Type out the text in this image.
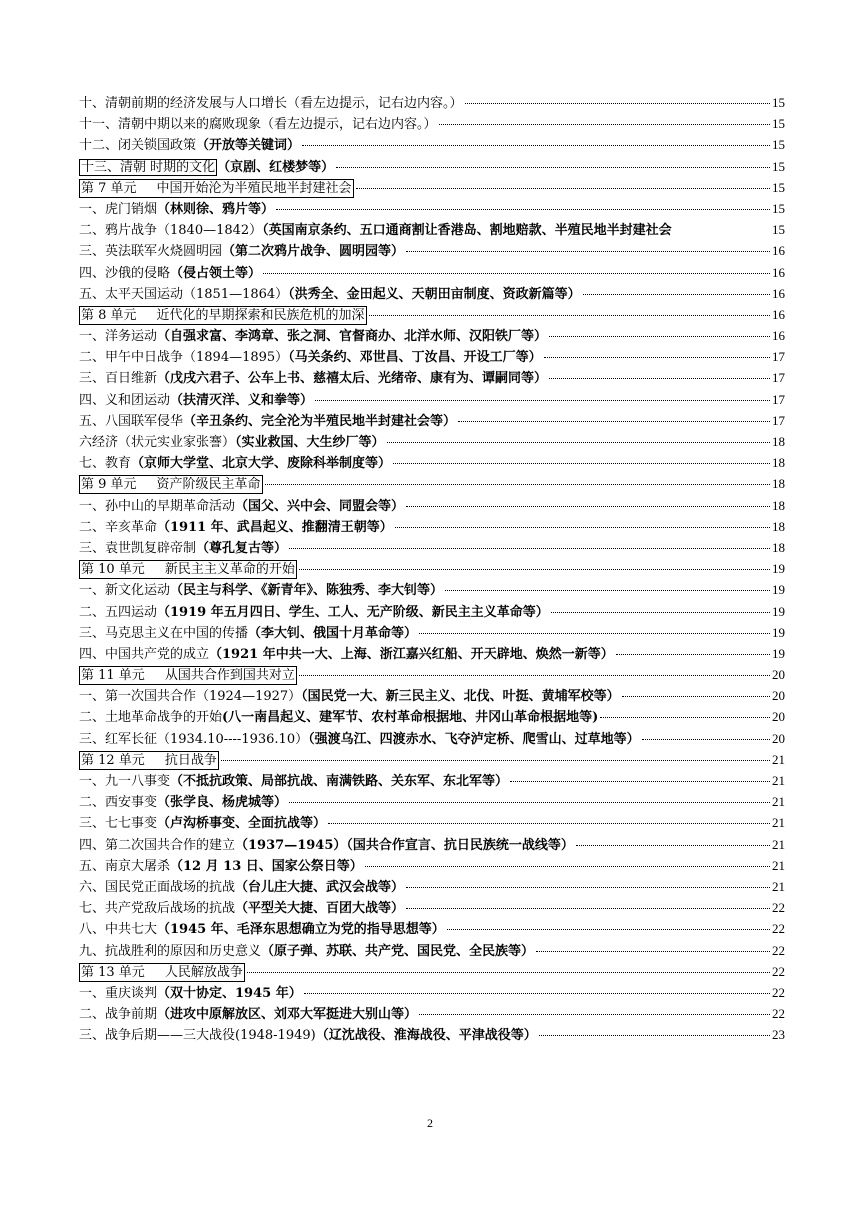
十、清朝前期的经济发展与人口增长（看左边提示，记右边内容。）	15
十一、清朝中期以来的腐败现象（看左边提示，记右边内容。）	15
十二、闭关锁国政策（开放等关键词）	15
十三、清朝 时期的文化 （京剧、红楼梦等）	15
第 7 单元 中国开始沦为半殖民地半封建社会	15
一、虎门销烟（林则徐、鸦片等）	15
二、鸦片战争（1840—1842）（英国南京条约、五口通商割让香港岛、割地赔款、半殖民地半封建社会	15
三、英法联军火烧圆明园（第二次鸦片战争、圆明园等）	16
四、沙俄的侵略（侵占领土等）	16
五、太平天国运动（1851—1864）（洪秀全、金田起义、天朝田亩制度、资政新篇等）	16
第 8 单元 近代化的早期探索和民族危机的加深	16
一、洋务运动（自强求富、李鸿章、张之洞、官督商办、北洋水师、汉阳铁厂等）	16
二、甲午中日战争（1894—1895）（马关条约、邓世昌、丁汝昌、开设工厂等）	17
三、百日维新（戊戌六君子、公车上书、慈禧太后、光绪帝、康有为、谭嗣同等）	17
四、义和团运动（扶清灭洋、义和拳等）	17
五、八国联军侵华（辛丑条约、完全沦为半殖民地半封建社会等）	17
六经济（状元实业家张謇）（实业救国、大生纱厂等）	18
七、教育（京师大学堂、北京大学、废除科举制度等）	18
第 9 单元 资产阶级民主革命	18
一、孙中山的早期革命活动（国父、兴中会、同盟会等）	18
二、辛亥革命（1911 年、武昌起义、推翻清王朝等）	18
三、袁世凯复辟帝制（尊孔复古等）	18
第 10 单元 新民主主义革命的开始	19
一、新文化运动（民主与科学、《新青年》、陈独秀、李大钊等）	19
二、五四运动（1919 年五月四日、学生、工人、无产阶级、新民主主义革命等）	19
三、马克思主义在中国的传播（李大钊、俄国十月革命等）	19
四、中国共产党的成立（1921 年中共一大、上海、浙江嘉兴红船、开天辟地、焕然一新等）	19
第 11 单元 从国共合作到国共对立	20
一、第一次国共合作（1924—1927）（国民党一大、新三民主义、北伐、叶挺、黄埔军校等）	20
二、土地革命战争的开始(八一南昌起义、建军节、农村革命根据地、井冈山革命根据地等)	20
三、红军长征（1934.10----1936.10）（强渡乌江、四渡赤水、飞夺泸定桥、爬雪山、过草地等）	20
第 12 单元 抗日战争	21
一、九一八事变（不抵抗政策、局部抗战、南满铁路、关东军、东北军等）	21
二、西安事变（张学良、杨虎城等）	21
三、七七事变（卢沟桥事变、全面抗战等）	21
四、第二次国共合作的建立（1937—1945）（国共合作宣言、抗日民族统一战线等）	21
五、南京大屠杀（12 月 13 日、国家公祭日等）	21
六、国民党正面战场的抗战（台儿庄大捷、武汉会战等）	21
七、共产党敌后战场的抗战（平型关大捷、百团大战等）	22
八、中共七大（1945 年、毛泽东思想确立为党的指导思想等）	22
九、抗战胜利的原因和历史意义（原子弹、苏联、共产党、国民党、全民族等）	22
第 13 单元 人民解放战争	22
一、重庆谈判（双十协定、1945 年）	22
二、战争前期（进攻中原解放区、刘邓大军挺进大别山等）	22
三、战争后期——三大战役(1948-1949)（辽沈战役、淮海战役、平津战役等）	23
2
